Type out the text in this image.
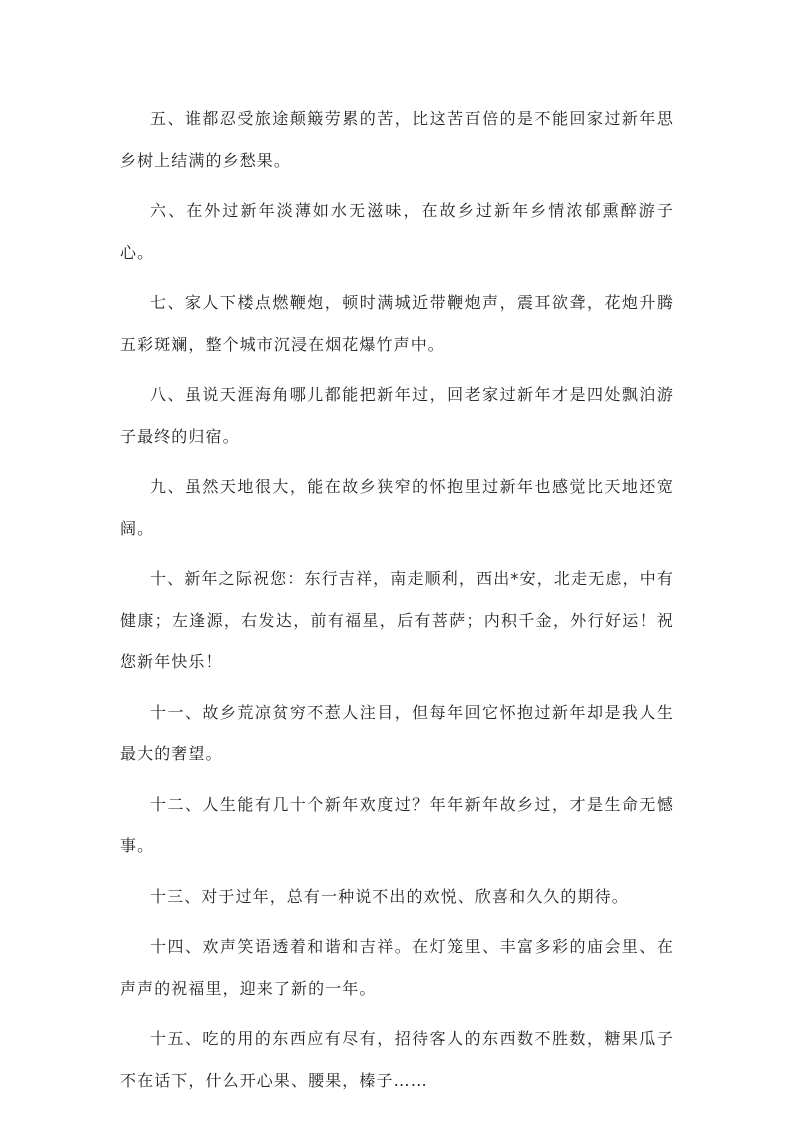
五、谁都忍受旅途颠簸劳累的苦，比这苦百倍的是不能回家过新年思乡树上结满的乡愁果。

六、在外过新年淡薄如水无滋味，在故乡过新年乡情浓郁熏醉游子心。

七、家人下楼点燃鞭炮，顿时满城近带鞭炮声，震耳欲聋，花炮升腾五彩斑斓，整个城市沉浸在烟花爆竹声中。

八、虽说天涯海角哪儿都能把新年过，回老家过新年才是四处飘泊游子最终的归宿。

九、虽然天地很大，能在故乡狭窄的怀抱里过新年也感觉比天地还宽阔。

十、新年之际祝您：东行吉祥，南走顺利，西出*安，北走无虑，中有健康；左逢源，右发达，前有福星，后有菩萨；内积千金，外行好运！祝您新年快乐！

十一、故乡荒凉贫穷不惹人注目，但每年回它怀抱过新年却是我人生最大的奢望。

十二、人生能有几十个新年欢度过？年年新年故乡过，才是生命无憾事。

十三、对于过年，总有一种说不出的欢悦、欣喜和久久的期待。

十四、欢声笑语透着和谐和吉祥。在灯笼里、丰富多彩的庙会里、在声声的祝福里，迎来了新的一年。

十五、吃的用的东西应有尽有，招待客人的东西数不胜数，糖果瓜子不在话下，什么开心果、腰果，榛子……
